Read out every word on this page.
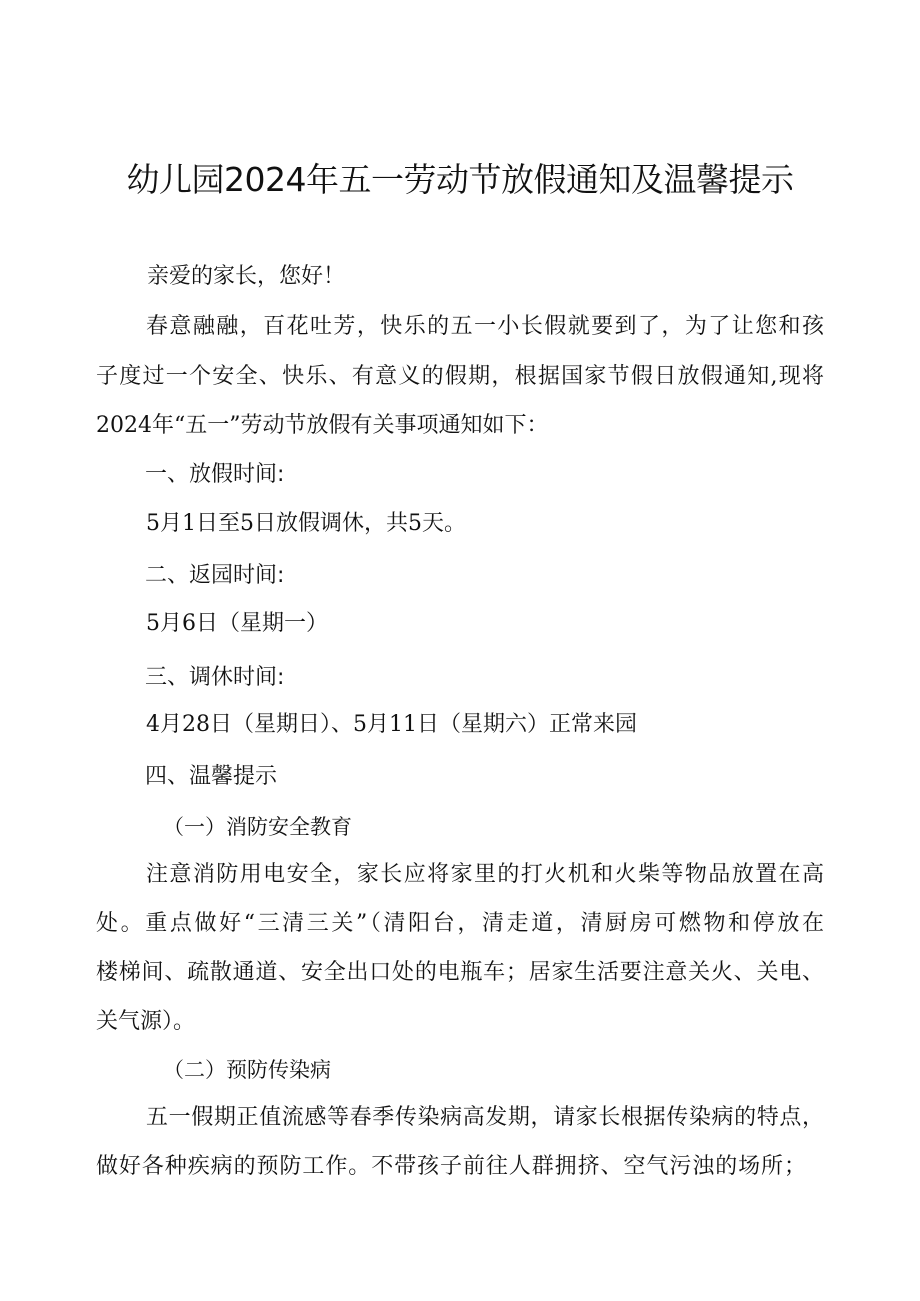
幼儿园2024年五一劳动节放假通知及温馨提示

亲爱的家长，您好！

春意融融，百花吐芳，快乐的五一小长假就要到了，为了让您和孩

子度过一个安全、快乐、有意义的假期，根据国家节假日放假通知,现将

2024年“五一”劳动节放假有关事项通知如下：

一、放假时间:

5月1日至5日放假调休，共5天。

二、返园时间:

5月6日（星期一）

三、调休时间:

4月28日（星期日）、5月11日（星期六）正常来园

四、温馨提示

（一）消防安全教育

注意消防用电安全，家长应将家里的打火机和火柴等物品放置在高

处。重点做好“三清三关”（清阳台，清走道，清厨房可燃物和停放在

楼梯间、疏散通道、安全出口处的电瓶车；居家生活要注意关火、关电、

关气源）。

（二）预防传染病

五一假期正值流感等春季传染病高发期，请家长根据传染病的特点，

做好各种疾病的预防工作。不带孩子前往人群拥挤、空气污浊的场所；
